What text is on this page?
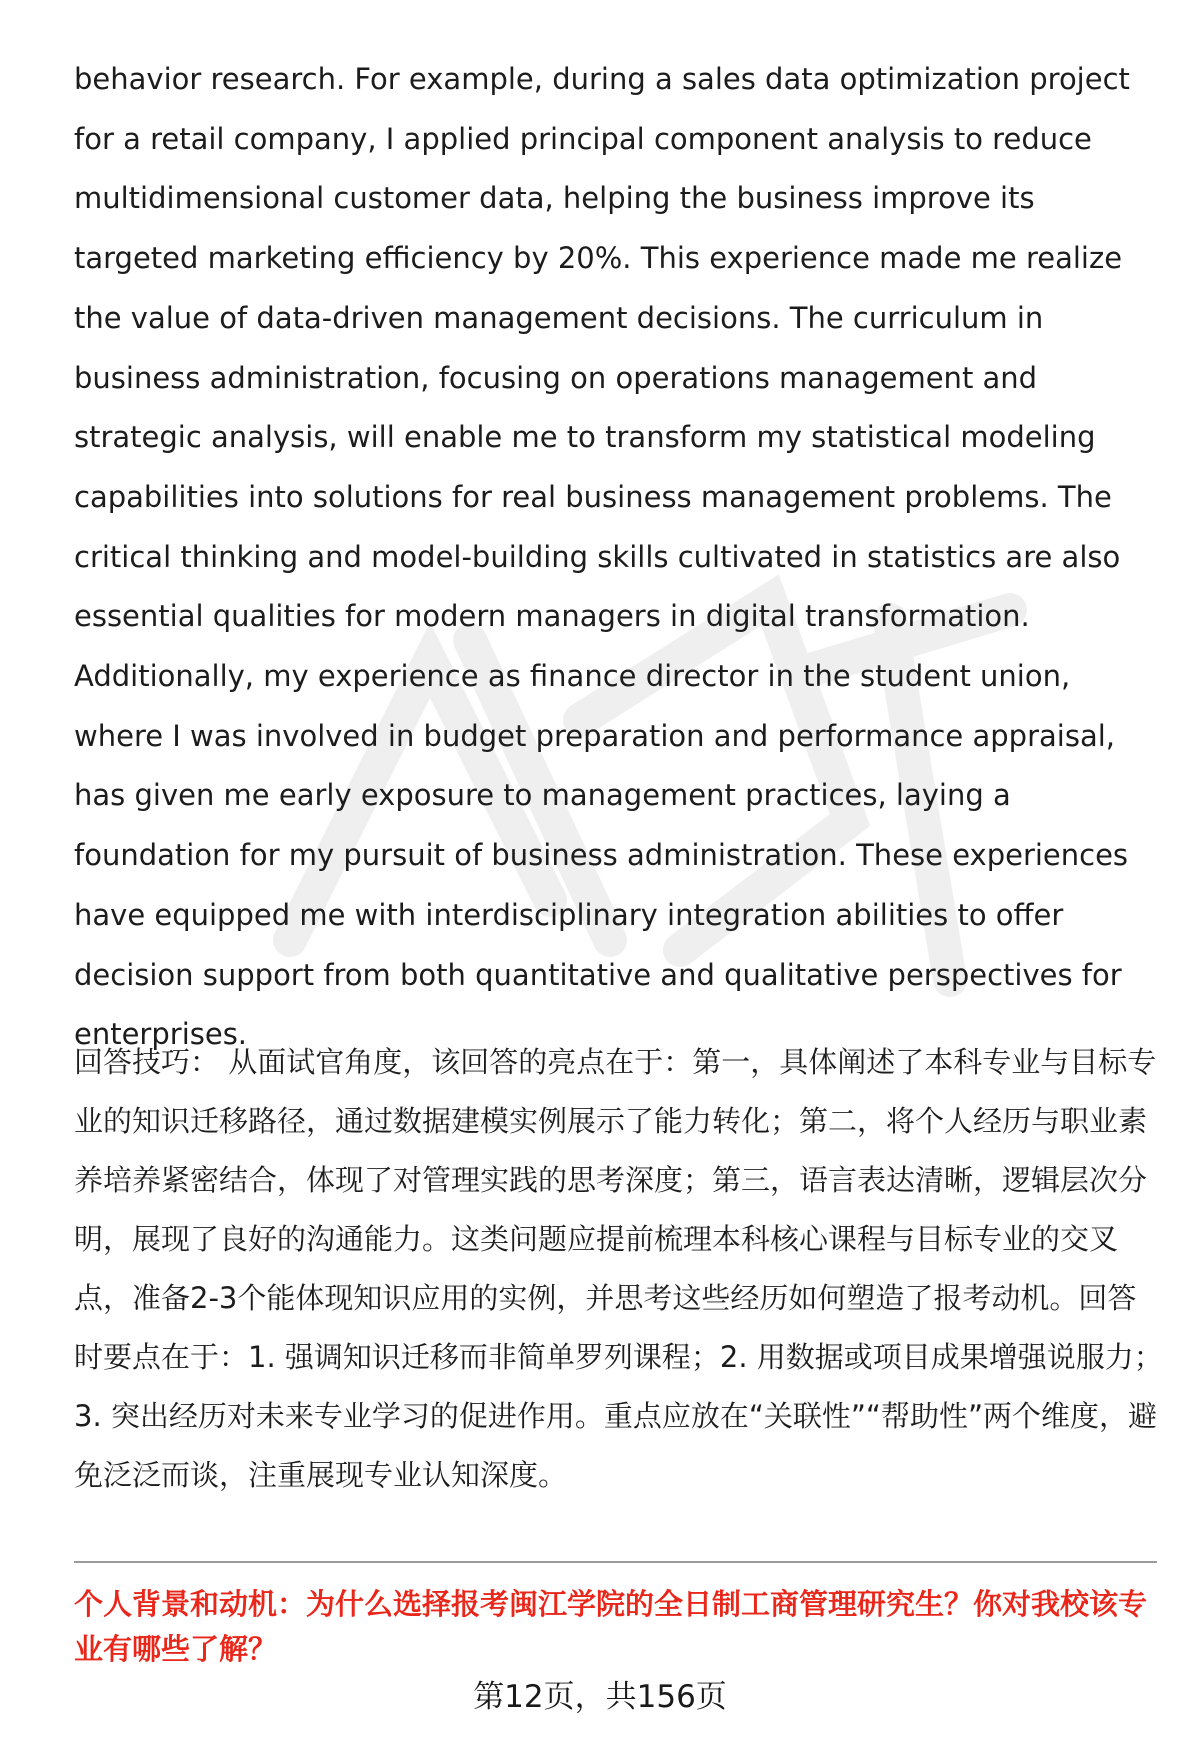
behavior research. For example, during a sales data optimization project for a retail company, I applied principal component analysis to reduce multidimensional customer data, helping the business improve its targeted marketing efficiency by 20%. This experience made me realize the value of data-driven management decisions. The curriculum in business administration, focusing on operations management and strategic analysis, will enable me to transform my statistical modeling capabilities into solutions for real business management problems. The critical thinking and model-building skills cultivated in statistics are also essential qualities for modern managers in digital transformation. Additionally, my experience as finance director in the student union, where I was involved in budget preparation and performance appraisal, has given me early exposure to management practices, laying a foundation for my pursuit of business administration. These experiences have equipped me with interdisciplinary integration abilities to offer decision support from both quantitative and qualitative perspectives for enterprises.

回答技巧： 从面试官角度，该回答的亮点在于：第一，具体阐述了本科专业与目标专业的知识迁移路径，通过数据建模实例展示了能力转化；第二，将个人经历与职业素养培养紧密结合，体现了对管理实践的思考深度；第三，语言表达清晰，逻辑层次分明，展现了良好的沟通能力。这类问题应提前梳理本科核心课程与目标专业的交叉点，准备2-3个能体现知识应用的实例，并思考这些经历如何塑造了报考动机。回答时要点在于：1. 强调知识迁移而非简单罗列课程；2. 用数据或项目成果增强说服力；3. 突出经历对未来专业学习的促进作用。重点应放在“关联性”“帮助性”两个维度，避免泛泛而谈，注重展现专业认知深度。

个人背景和动机：为什么选择报考闽江学院的全日制工商管理研究生？你对我校该专业有哪些了解？

第12页，共156页
